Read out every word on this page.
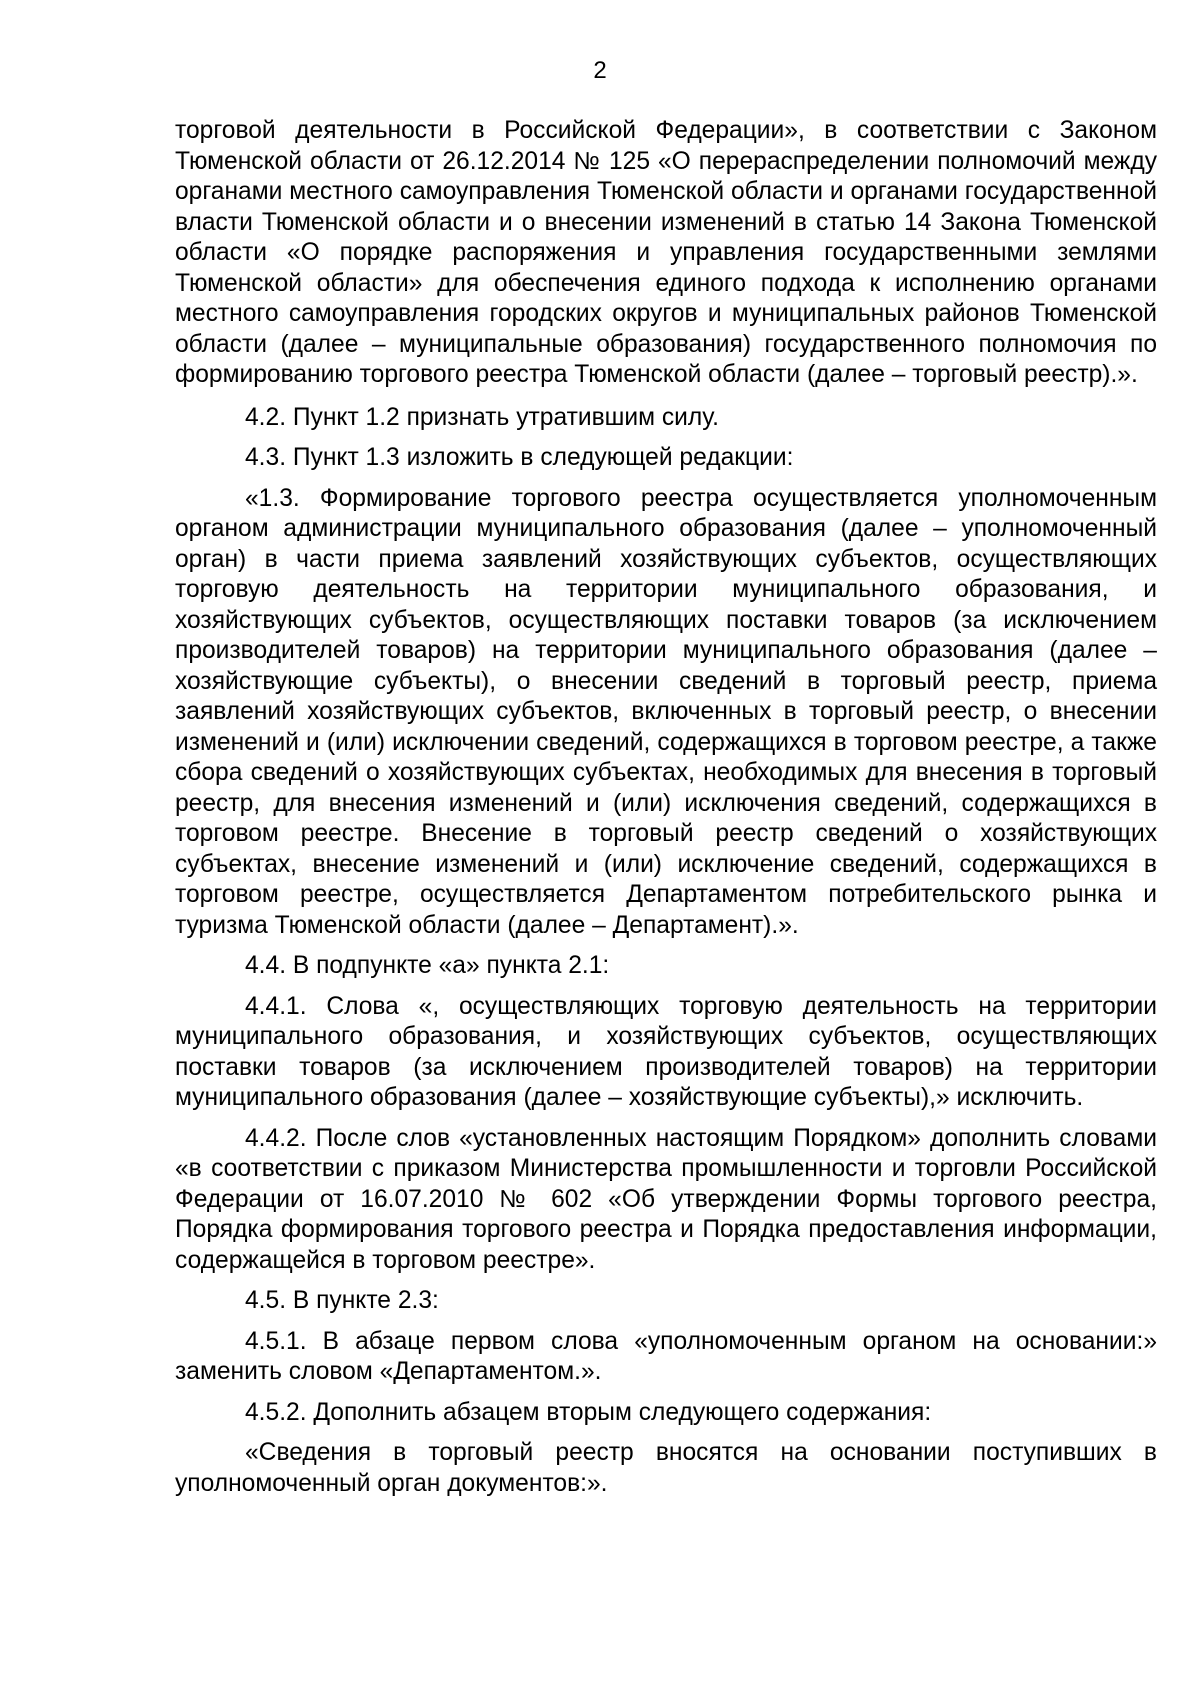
2

торговой деятельности в Российской Федерации», в соответствии с Законом Тюменской области от 26.12.2014 № 125 «О перераспределении полномочий между органами местного самоуправления Тюменской области и органами государственной власти Тюменской области и о внесении изменений в статью 14 Закона Тюменской области «О порядке распоряжения и управления государственными землями Тюменской области» для обеспечения единого подхода к исполнению органами местного самоуправления городских округов и муниципальных районов Тюменской области (далее – муниципальные образования) государственного полномочия по формированию торгового реестра Тюменской области (далее – торговый реестр).».

4.2. Пункт 1.2 признать утратившим силу.

4.3. Пункт 1.3 изложить в следующей редакции:

«1.3. Формирование торгового реестра осуществляется уполномоченным органом администрации муниципального образования (далее – уполномоченный орган) в части приема заявлений хозяйствующих субъектов, осуществляющих торговую деятельность на территории муниципального образования, и хозяйствующих субъектов, осуществляющих поставки товаров (за исключением производителей товаров) на территории муниципального образования (далее – хозяйствующие субъекты), о внесении сведений в торговый реестр, приема заявлений хозяйствующих субъектов, включенных в торговый реестр, о внесении изменений и (или) исключении сведений, содержащихся в торговом реестре, а также сбора сведений о хозяйствующих субъектах, необходимых для внесения в торговый реестр, для внесения изменений и (или) исключения сведений, содержащихся в торговом реестре. Внесение в торговый реестр сведений о хозяйствующих субъектах, внесение изменений и (или) исключение сведений, содержащихся в торговом реестре, осуществляется Департаментом потребительского рынка и туризма Тюменской области (далее – Департамент).».

4.4. В подпункте «а» пункта 2.1:

4.4.1. Слова «, осуществляющих торговую деятельность на территории муниципального образования, и хозяйствующих субъектов, осуществляющих поставки товаров (за исключением производителей товаров) на территории муниципального образования (далее – хозяйствующие субъекты),» исключить.

4.4.2. После слов «установленных настоящим Порядком» дополнить словами «в соответствии с приказом Министерства промышленности и торговли Российской Федерации от 16.07.2010 № 602 «Об утверждении Формы торгового реестра, Порядка формирования торгового реестра и Порядка предоставления информации, содержащейся в торговом реестре».

4.5. В пункте 2.3:

4.5.1. В абзаце первом слова «уполномоченным органом на основании:» заменить словом «Департаментом.».

4.5.2. Дополнить абзацем вторым следующего содержания:

«Сведения в торговый реестр вносятся на основании поступивших в уполномоченный орган документов:».
